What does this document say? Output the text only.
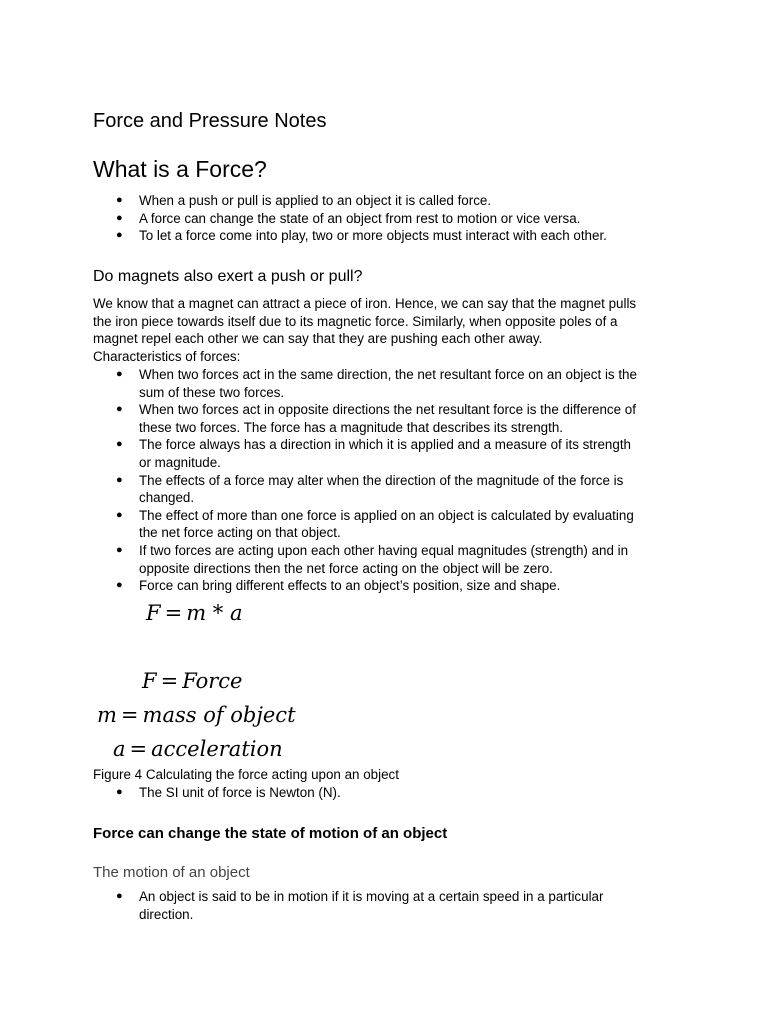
Force and Pressure Notes
What is a Force?
● When a push or pull is applied to an object it is called force.
● A force can change the state of an object from rest to motion or vice versa.
● To let a force come into play, two or more objects must interact with each other.
Do magnets also exert a push or pull?
We know that a magnet can attract a piece of iron. Hence, we can say that the magnet pulls
the iron piece towards itself due to its magnetic force. Similarly, when opposite poles of a
magnet repel each other we can say that they are pushing each other away.
Characteristics of forces:
● When two forces act in the same direction, the net resultant force on an object is the
sum of these two forces.
● When two forces act in opposite directions the net resultant force is the difference of
these two forces. The force has a magnitude that describes its strength.
● The force always has a direction in which it is applied and a measure of its strength
or magnitude.
● The effects of a force may alter when the direction of the magnitude of the force is
changed.
● The effect of more than one force is applied on an object is calculated by evaluating
the net force acting on that object.
● If two forces are acting upon each other having equal magnitudes (strength) and in
opposite directions then the net force acting on the object will be zero.
● Force can bring different effects to an object’s position, size and shape.
F = m * a
F = Force
m = mass of object
a = acceleration
Figure 4 Calculating the force acting upon an object
● The SI unit of force is Newton (N).
Force can change the state of motion of an object
The motion of an object
● An object is said to be in motion if it is moving at a certain speed in a particular
direction.
